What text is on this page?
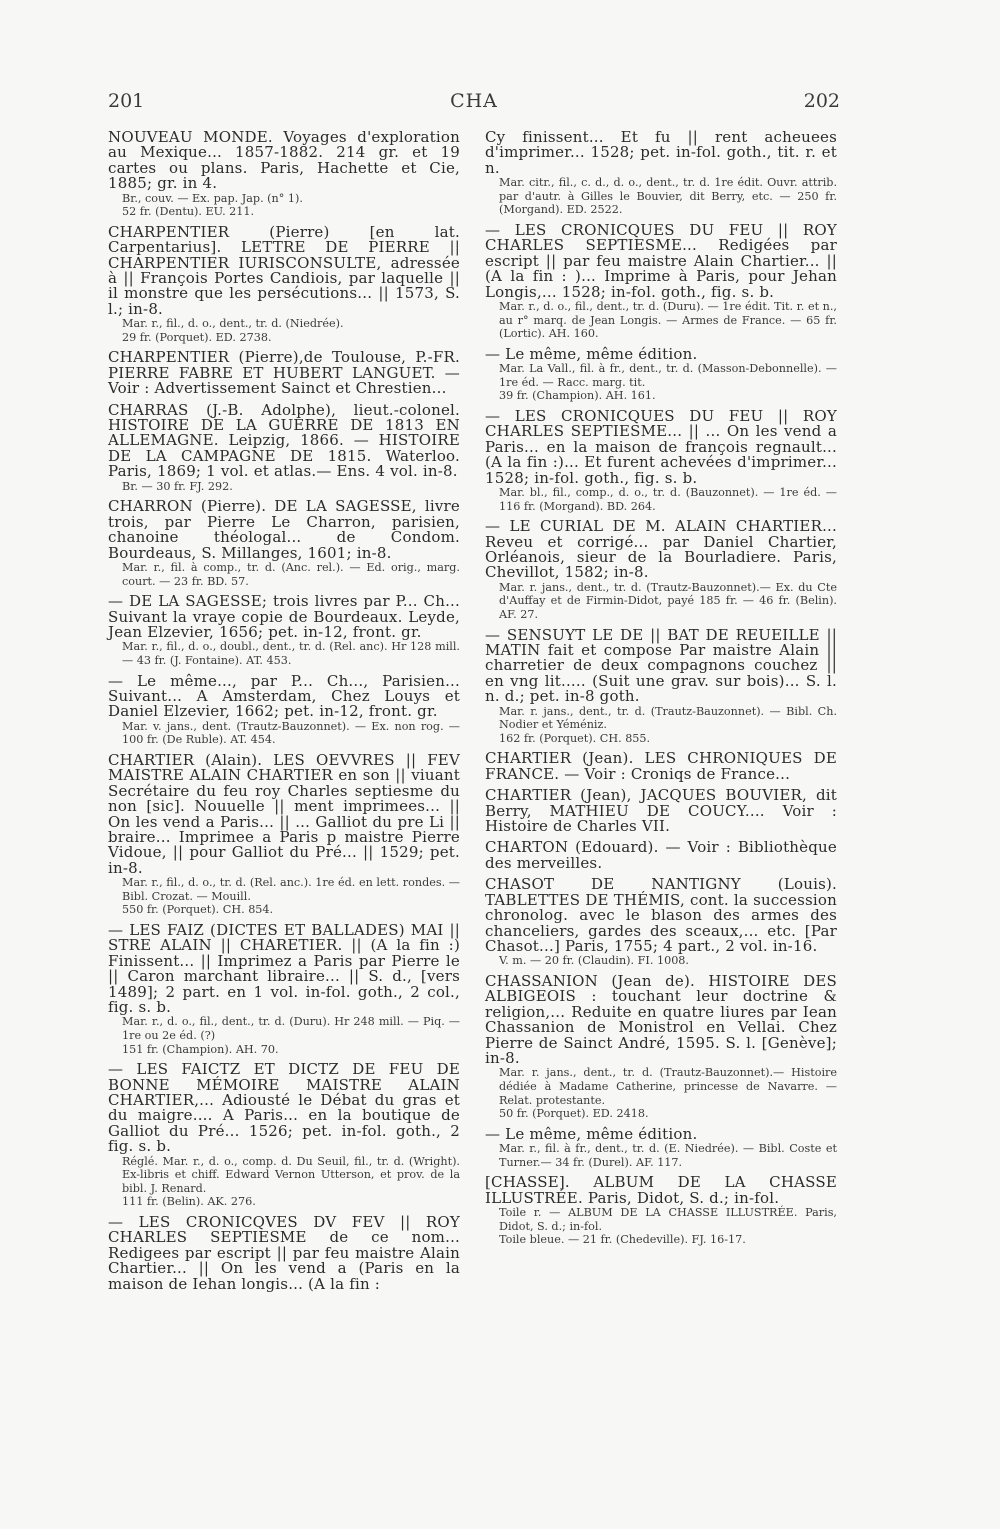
201	CHA	202
NOUVEAU MONDE. Voyages d'exploration au Mexique... 1857-1882. 214 gr. et 19 cartes ou plans. Paris, Hachette et Cie, 1885; gr. in 4.
Br., couv. — Ex. pap. Jap. (n° 1).
52 fr. (Dentu). EU. 211.
CHARPENTIER (Pierre) [en lat. Carpentarius]. LETTRE DE PIERRE || CHARPENTIER IURISCONSULTE, adressée à || François Portes Candiois, par laquelle || il monstre que les persécutions... || 1573, S. l.; in-8.
Mar. r., fil., d. o., dent., tr. d. (Niedrée).
29 fr. (Porquet). ED. 2738.
CHARPENTIER (Pierre),de Toulouse, P.-FR. PIERRE FABRE ET HUBERT LANGUET. — Voir : Advertissement Sainct et Chrestien...
CHARRAS (J.-B. Adolphe), lieut.-colonel. HISTOIRE DE LA GUERRE DE 1813 EN ALLEMAGNE. Leipzig, 1866. — HISTOIRE DE LA CAMPAGNE DE 1815. Waterloo. Paris, 1869; 1 vol. et atlas.— Ens. 4 vol. in-8.
Br. — 30 fr. FJ. 292.
CHARRON (Pierre). DE LA SAGESSE, livre trois, par Pierre Le Charron, parisien, chanoine théologal... de Condom. Bourdeaus, S. Millanges, 1601; in-8.
Mar. r., fil. à comp., tr. d. (Anc. rel.). — Ed. orig., marg. court. — 23 fr. BD. 57.
— DE LA SAGESSE; trois livres par P... Ch... Suivant la vraye copie de Bourdeaux. Leyde, Jean Elzevier, 1656; pet. in-12, front. gr.
Mar. r., fil., d. o., doubl., dent., tr. d. (Rel. anc). Hr 128 mill. — 43 fr. (J. Fontaine). AT. 453.
— Le même..., par P... Ch..., Parisien... Suivant... A Amsterdam, Chez Louys et Daniel Elzevier, 1662; pet. in-12, front. gr.
Mar. v. jans., dent. (Trautz-Bauzonnet). — Ex. non rog. — 100 fr. (De Ruble). AT. 454.
CHARTIER (Alain). LES OEVVRES || FEV MAISTRE ALAIN CHARTIER en son || viuant Secrétaire du feu roy Charles septiesme du non [sic]. Nouuelle || ment imprimees... || On les vend a Paris... || ... Galliot du pre Li || braire... Imprimee a Paris p maistre Pierre Vidoue, || pour Galliot du Pré... || 1529; pet. in-8.
Mar. r., fil., d. o., tr. d. (Rel. anc.). 1re éd. en lett. rondes. — Bibl. Crozat. — Mouill.
550 fr. (Porquet). CH. 854.
— LES FAIZ (DICTES ET BALLADES) MAI || STRE ALAIN || CHARETIER. || (A la fin :) Finissent... || Imprimez a Paris par Pierre le || Caron marchant libraire... || S. d., [vers 1489]; 2 part. en 1 vol. in-fol. goth., 2 col., fig. s. b.
Mar. r., d. o., fil., dent., tr. d. (Duru). Hr 248 mill. — Piq. — 1re ou 2e éd. (?)
151 fr. (Champion). AH. 70.
— LES FAICTZ ET DICTZ DE FEU DE BONNE MÉMOIRE MAISTRE ALAIN CHARTIER,... Adiousté le Débat du gras et du maigre.... A Paris... en la boutique de Galliot du Pré... 1526; pet. in-fol. goth., 2 fig. s. b.
Réglé. Mar. r., d. o., comp. d. Du Seuil, fil., tr. d. (Wright). Ex-libris et chiff. Edward Vernon Utterson, et prov. de la bibl. J. Renard.
111 fr. (Belin). AK. 276.
— LES CRONICQVES DV FEV || ROY CHARLES SEPTIESME de ce nom... Redigees par escript || par feu maistre Alain Chartier... || On les vend a (Paris en la maison de Iehan longis... (A la fin :
Cy finissent... Et fu || rent acheuees d'imprimer... 1528; pet. in-fol. goth., tit. r. et n.
Mar. citr., fil., c. d., d. o., dent., tr. d. 1re édit. Ouvr. attrib. par d'autr. à Gilles le Bouvier, dit Berry, etc. — 250 fr. (Morgand). ED. 2522.
— LES CRONICQUES DU FEU || ROY CHARLES SEPTIESME... Redigées par escript || par feu maistre Alain Chartier... || (A la fin : )... Imprime à Paris, pour Jehan Longis,... 1528; in-fol. goth., fig. s. b.
Mar. r., d. o., fil., dent., tr. d. (Duru). — 1re édit. Tit. r. et n., au r° marq. de Jean Longis. — Armes de France. — 65 fr. (Lortic). AH. 160.
— Le même, même édition.
Mar. La Vall., fil. à fr., dent., tr. d. (Masson-Debonnelle). — 1re éd. — Racc. marg. tit.
39 fr. (Champion). AH. 161.
— LES CRONICQUES DU FEU || ROY CHARLES SEPTIESME... || ... On les vend a Paris... en la maison de françois regnault... (A la fin :)... Et furent achevées d'imprimer... 1528; in-fol. goth., fig. s. b.
Mar. bl., fil., comp., d. o., tr. d. (Bauzonnet). — 1re éd. — 116 fr. (Morgand). BD. 264.
— LE CURIAL DE M. ALAIN CHARTIER... Reveu et corrigé... par Daniel Chartier, Orléanois, sieur de la Bourladiere. Paris, Chevillot, 1582; in-8.
Mar. r. jans., dent., tr. d. (Trautz-Bauzonnet).— Ex. du Cte d'Auffay et de Firmin-Didot, payé 185 fr. — 46 fr. (Belin). AF. 27.
— SENSUYT LE DE || BAT DE REUEILLE || MATIN fait et compose Par maistre Alain || charretier de deux compagnons couchez || en vng lit..... (Suit une grav. sur bois)... S. l. n. d.; pet. in-8 goth.
Mar. r. jans., dent., tr. d. (Trautz-Bauzonnet). — Bibl. Ch. Nodier et Yéméniz.
162 fr. (Porquet). CH. 855.
CHARTIER (Jean). LES CHRONIQUES DE FRANCE. — Voir : Croniqs de France...
CHARTIER (Jean), JACQUES BOUVIER, dit Berry, MATHIEU DE COUCY.... Voir : Histoire de Charles VII.
CHARTON (Edouard). — Voir : Bibliothèque des merveilles.
CHASOT DE NANTIGNY (Louis). TABLETTES DE THÉMIS, cont. la succession chronolog. avec le blason des armes des chanceliers, gardes des sceaux,... etc. [Par Chasot...] Paris, 1755; 4 part., 2 vol. in-16.
V. m. — 20 fr. (Claudin). FI. 1008.
CHASSANION (Jean de). HISTOIRE DES ALBIGEOIS : touchant leur doctrine & religion,... Reduite en quatre liures par Iean Chassanion de Monistrol en Vellai. Chez Pierre de Sainct André, 1595. S. l. [Genève]; in-8.
Mar. r. jans., dent., tr. d. (Trautz-Bauzonnet).— Histoire dédiée à Madame Catherine, princesse de Navarre. — Relat. protestante.
50 fr. (Porquet). ED. 2418.
— Le même, même édition.
Mar. r., fil. à fr., dent., tr. d. (E. Niedrée). — Bibl. Coste et Turner.— 34 fr. (Durel). AF. 117.
[CHASSE]. ALBUM DE LA CHASSE ILLUSTRÉE. Paris, Didot, S. d.; in-fol.
Toile r. — ALBUM DE LA CHASSE ILLUSTRÉE. Paris, Didot, S. d.; in-fol.
Toile bleue. — 21 fr. (Chedeville). FJ. 16-17.
